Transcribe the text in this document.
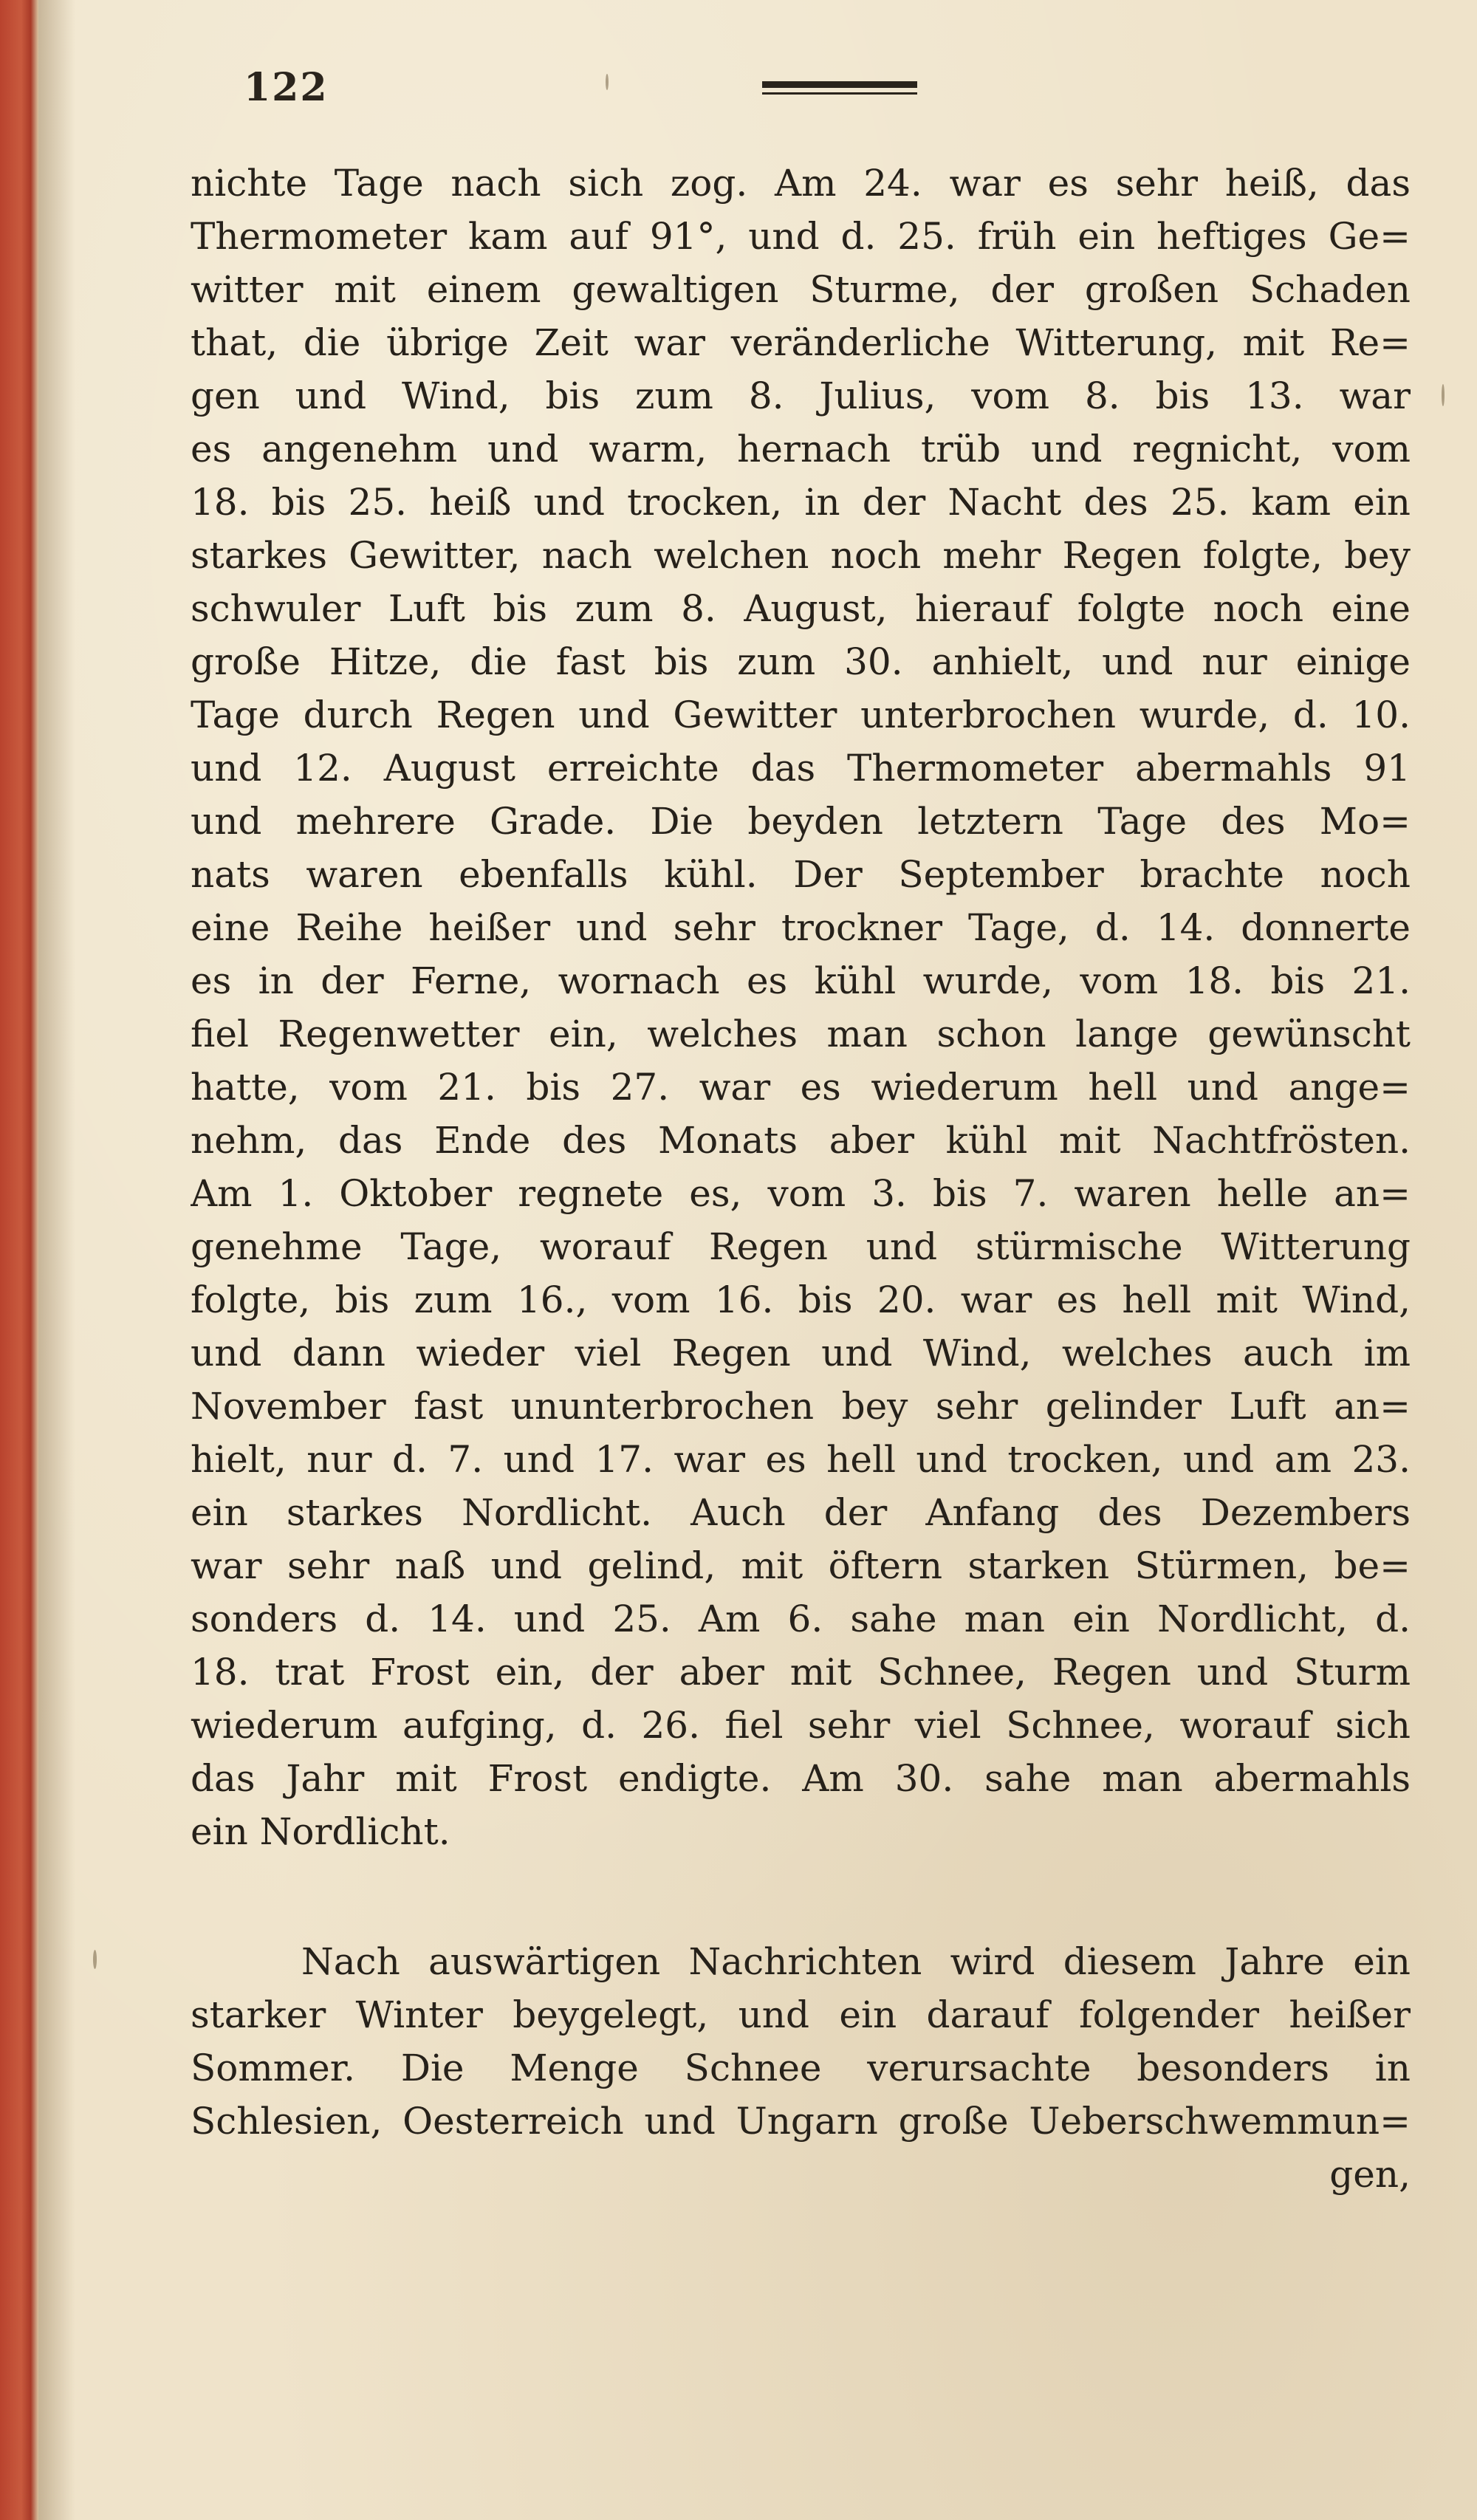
122
nichte Tage nach sich zog. Am 24. war es sehr heiß, das
Thermometer kam auf 91°, und d. 25. früh ein heftiges Ge=
witter mit einem gewaltigen Sturme, der großen Schaden
that, die übrige Zeit war veränderliche Witterung, mit Re=
gen und Wind, bis zum 8. Julius, vom 8. bis 13. war
es angenehm und warm, hernach trüb und regnicht, vom
18. bis 25. heiß und trocken, in der Nacht des 25. kam ein
starkes Gewitter, nach welchen noch mehr Regen folgte, bey
schwuler Luft bis zum 8. August, hierauf folgte noch eine
große Hitze, die fast bis zum 30. anhielt, und nur einige
Tage durch Regen und Gewitter unterbrochen wurde, d. 10.
und 12. August erreichte das Thermometer abermahls 91
und mehrere Grade. Die beyden letztern Tage des Mo=
nats waren ebenfalls kühl. Der September brachte noch
eine Reihe heißer und sehr trockner Tage, d. 14. donnerte
es in der Ferne, wornach es kühl wurde, vom 18. bis 21.
fiel Regenwetter ein, welches man schon lange gewünscht
hatte, vom 21. bis 27. war es wiederum hell und ange=
nehm, das Ende des Monats aber kühl mit Nachtfrösten.
Am 1. Oktober regnete es, vom 3. bis 7. waren helle an=
genehme Tage, worauf Regen und stürmische Witterung
folgte, bis zum 16., vom 16. bis 20. war es hell mit Wind,
und dann wieder viel Regen und Wind, welches auch im
November fast ununterbrochen bey sehr gelinder Luft an=
hielt, nur d. 7. und 17. war es hell und trocken, und am 23.
ein starkes Nordlicht. Auch der Anfang des Dezembers
war sehr naß und gelind, mit öftern starken Stürmen, be=
sonders d. 14. und 25. Am 6. sahe man ein Nordlicht, d.
18. trat Frost ein, der aber mit Schnee, Regen und Sturm
wiederum aufging, d. 26. fiel sehr viel Schnee, worauf sich
das Jahr mit Frost endigte. Am 30. sahe man abermahls
ein Nordlicht.
Nach auswärtigen Nachrichten wird diesem Jahre ein
starker Winter beygelegt, und ein darauf folgender heißer
Sommer. Die Menge Schnee verursachte besonders in
Schlesien, Oesterreich und Ungarn große Ueberschwemmun=
gen,
